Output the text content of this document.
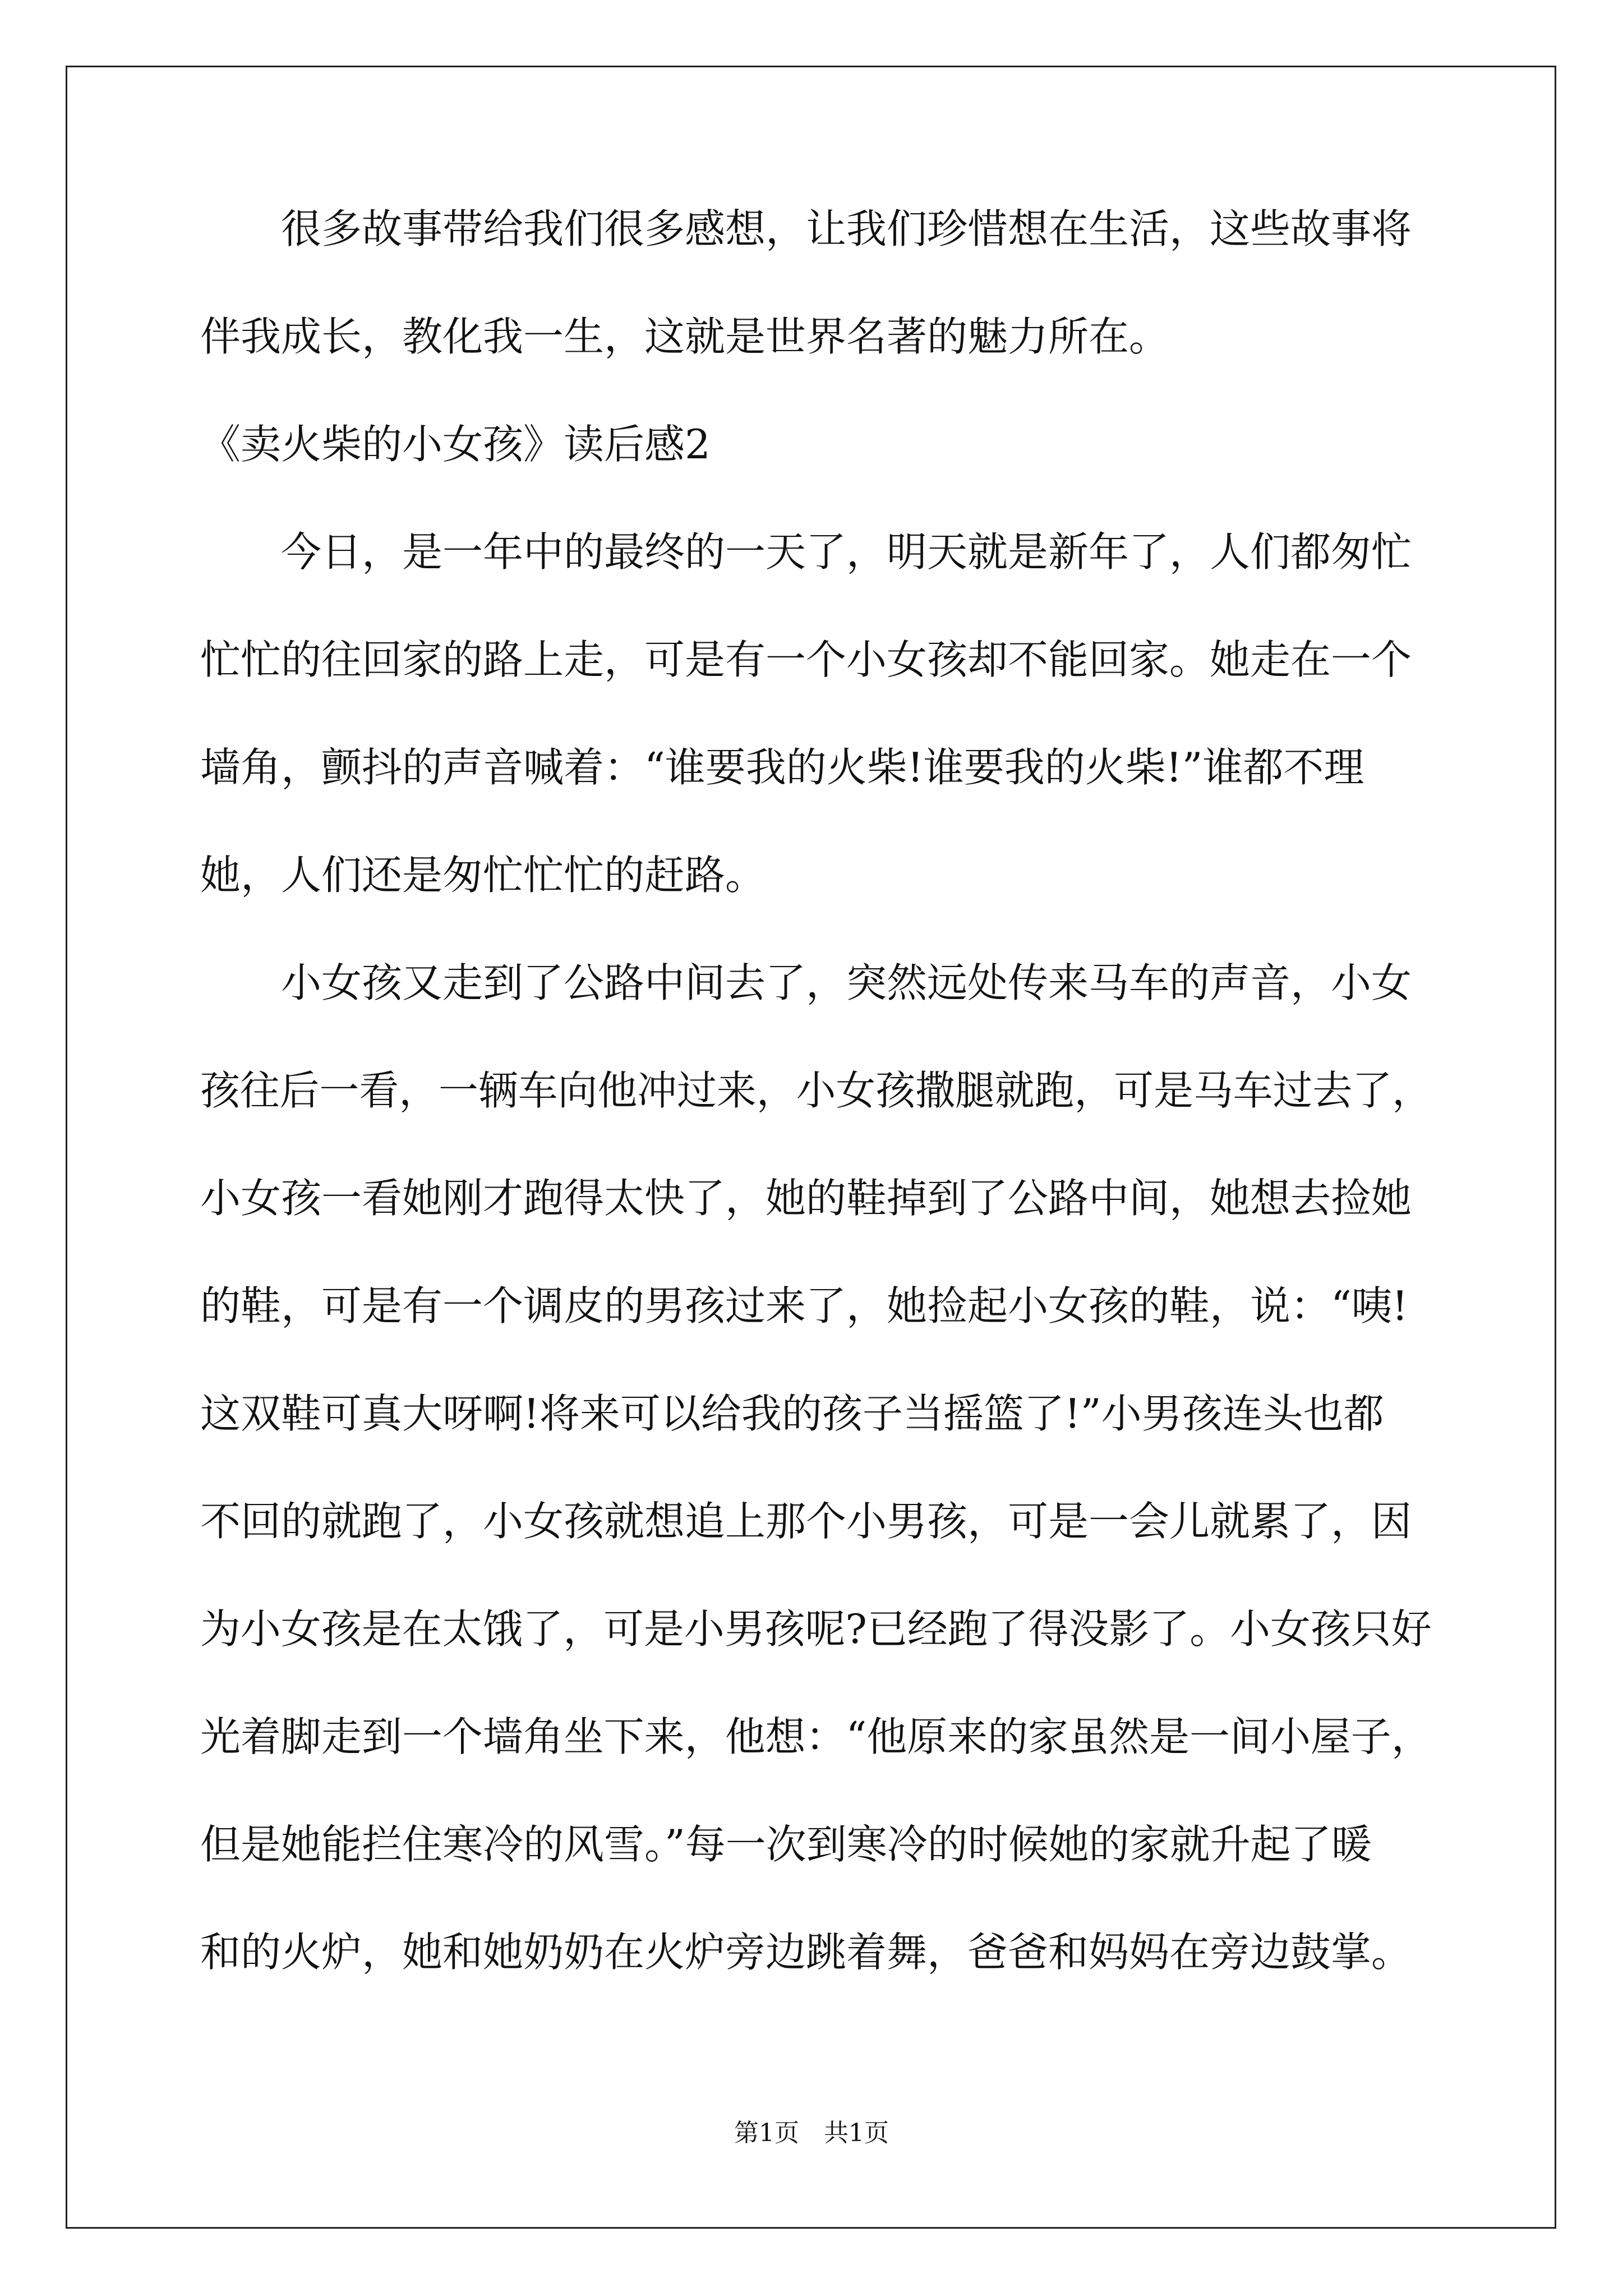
　　很多故事带给我们很多感想，让我们珍惜想在生活，这些故事将
伴我成长，教化我一生，这就是世界名著的魅力所在。
《卖火柴的小女孩》读后感2
　　今日，是一年中的最终的一天了，明天就是新年了，人们都匆忙
忙忙的往回家的路上走，可是有一个小女孩却不能回家。她走在一个
墙角，颤抖的声音喊着：“谁要我的火柴!谁要我的火柴!”谁都不理
她，人们还是匆忙忙忙的赶路。
　　小女孩又走到了公路中间去了，突然远处传来马车的声音，小女
孩往后一看，一辆车向他冲过来，小女孩撒腿就跑，可是马车过去了，
小女孩一看她刚才跑得太快了，她的鞋掉到了公路中间，她想去捡她
的鞋，可是有一个调皮的男孩过来了，她捡起小女孩的鞋，说：“咦!
这双鞋可真大呀啊!将来可以给我的孩子当摇篮了!”小男孩连头也都
不回的就跑了，小女孩就想追上那个小男孩，可是一会儿就累了，因
为小女孩是在太饿了，可是小男孩呢?已经跑了得没影了。小女孩只好
光着脚走到一个墙角坐下来，他想：“他原来的家虽然是一间小屋子，
但是她能拦住寒冷的风雪。”每一次到寒冷的时候她的家就升起了暖
和的火炉，她和她奶奶在火炉旁边跳着舞，爸爸和妈妈在旁边鼓掌。
第1页　共1页
